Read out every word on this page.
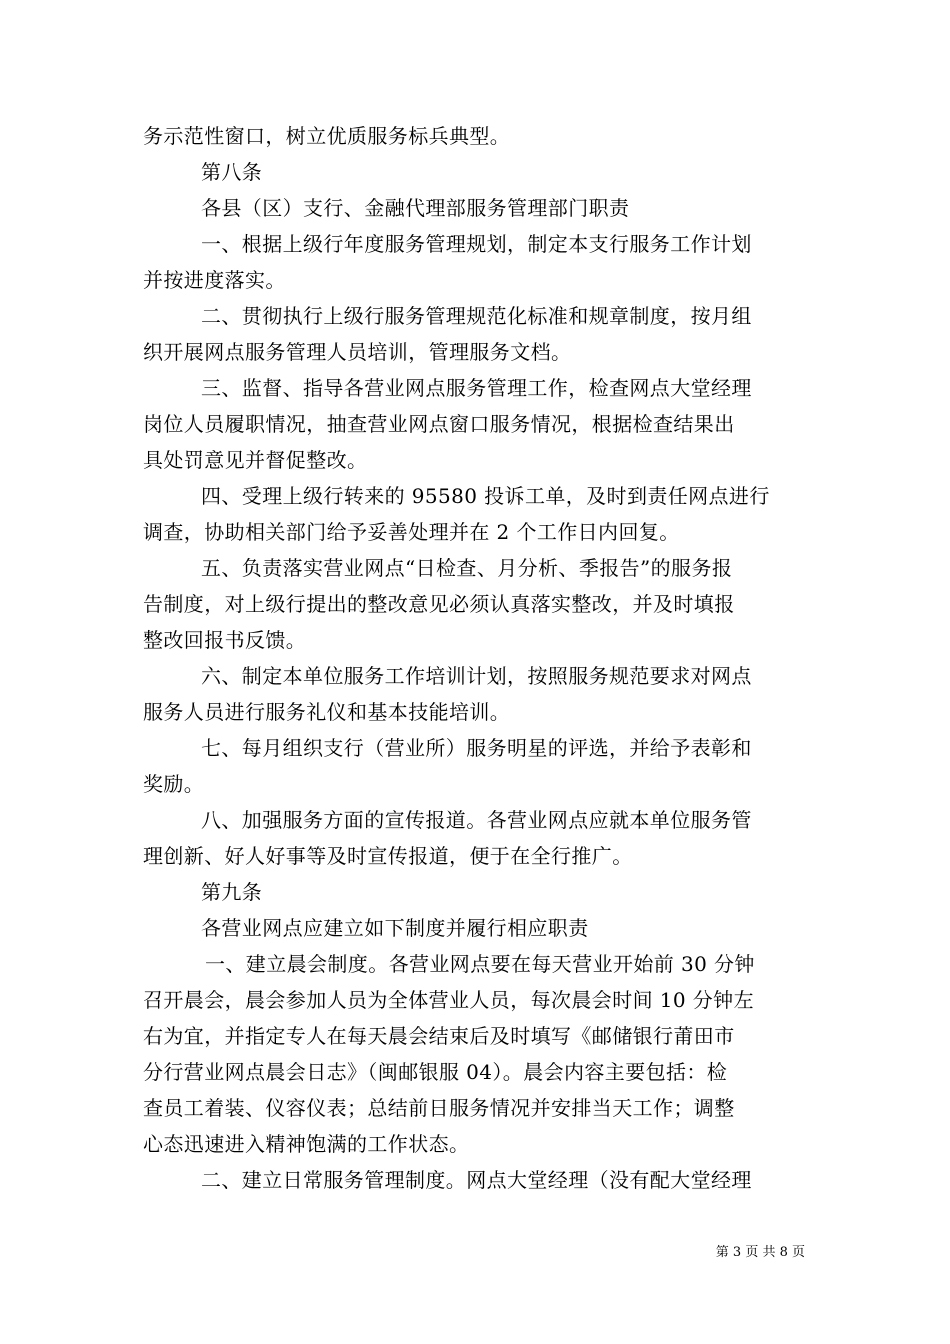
务示范性窗口，树立优质服务标兵典型。
第八条
各县（区）支行、金融代理部服务管理部门职责
一、根据上级行年度服务管理规划，制定本支行服务工作计划
并按进度落实。
二、贯彻执行上级行服务管理规范化标准和规章制度，按月组
织开展网点服务管理人员培训，管理服务文档。
三、监督、指导各营业网点服务管理工作，检查网点大堂经理
岗位人员履职情况，抽查营业网点窗口服务情况，根据检查结果出
具处罚意见并督促整改。
四、受理上级行转来的 95580 投诉工单，及时到责任网点进行
调查，协助相关部门给予妥善处理并在 2 个工作日内回复。
五、负责落实营业网点“日检查、月分析、季报告”的服务报
告制度，对上级行提出的整改意见必须认真落实整改，并及时填报
整改回报书反馈。
六、制定本单位服务工作培训计划，按照服务规范要求对网点
服务人员进行服务礼仪和基本技能培训。
七、每月组织支行（营业所）服务明星的评选，并给予表彰和
奖励。
八、加强服务方面的宣传报道。各营业网点应就本单位服务管
理创新、好人好事等及时宣传报道，便于在全行推广。
第九条
各营业网点应建立如下制度并履行相应职责
一、建立晨会制度。各营业网点要在每天营业开始前 30 分钟
召开晨会，晨会参加人员为全体营业人员，每次晨会时间 10 分钟左
右为宜，并指定专人在每天晨会结束后及时填写《邮储银行莆田市
分行营业网点晨会日志》（闽邮银服 04）。晨会内容主要包括：检
查员工着装、仪容仪表；总结前日服务情况并安排当天工作；调整
心态迅速进入精神饱满的工作状态。
二、建立日常服务管理制度。网点大堂经理（没有配大堂经理
第 3 页 共 8 页
